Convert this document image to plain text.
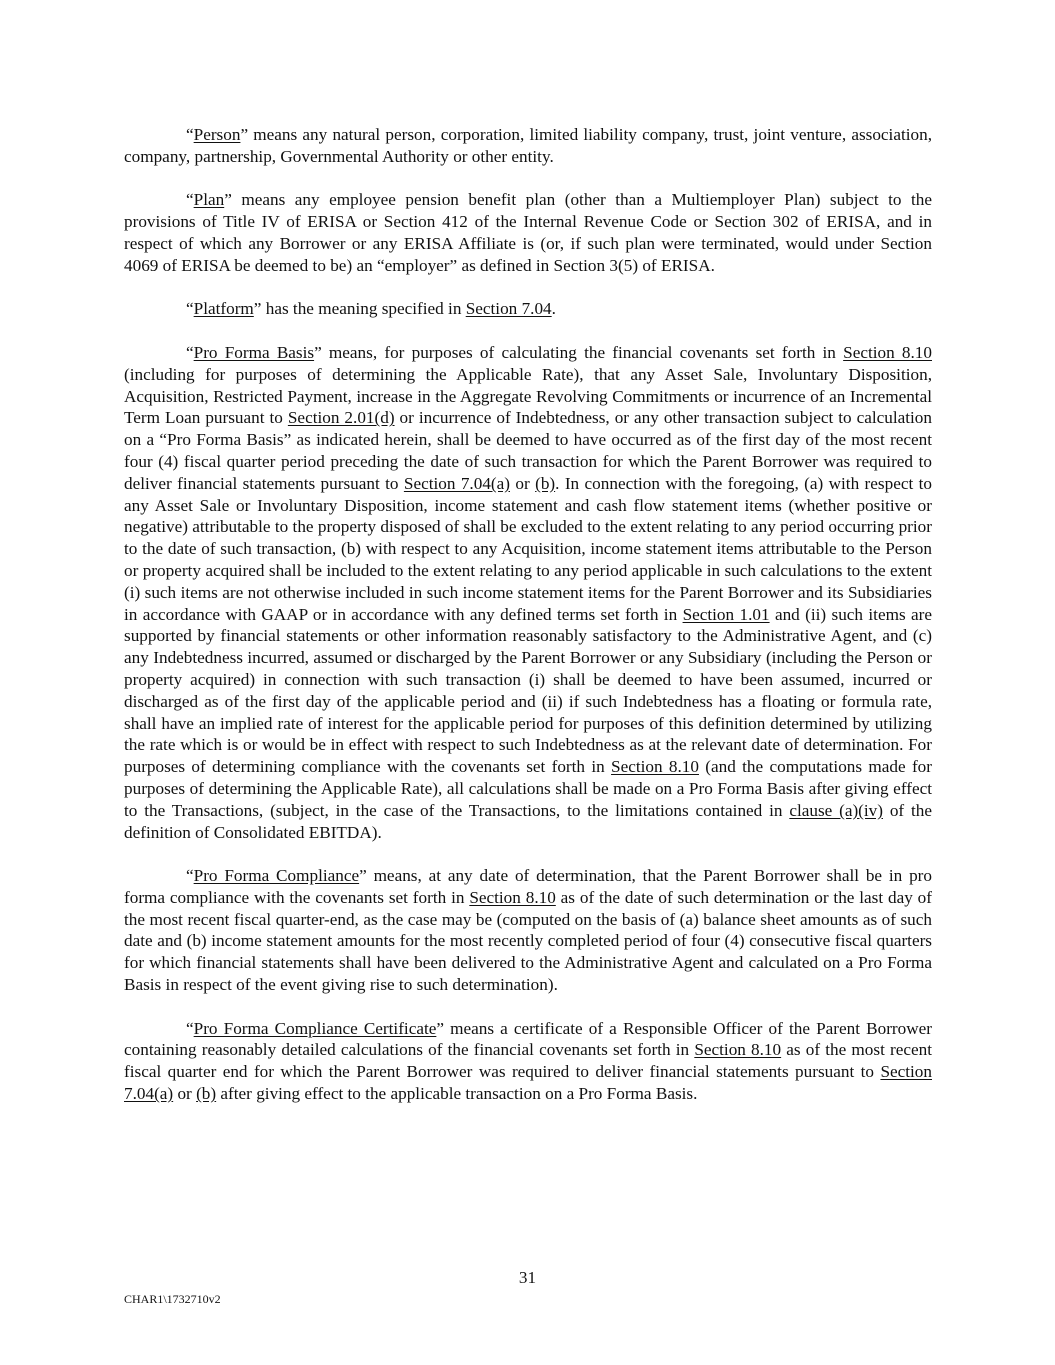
“Person” means any natural person, corporation, limited liability company, trust, joint venture, association, company, partnership, Governmental Authority or other entity.

“Plan” means any employee pension benefit plan (other than a Multiemployer Plan) subject to the provisions of Title IV of ERISA or Section 412 of the Internal Revenue Code or Section 302 of ERISA, and in respect of which any Borrower or any ERISA Affiliate is (or, if such plan were terminated, would under Section 4069 of ERISA be deemed to be) an “employer” as defined in Section 3(5) of ERISA.

“Platform” has the meaning specified in Section 7.04.

“Pro Forma Basis” means, for purposes of calculating the financial covenants set forth in Section 8.10 (including for purposes of determining the Applicable Rate), that any Asset Sale, Involuntary Disposition, Acquisition, Restricted Payment, increase in the Aggregate Revolving Commitments or incurrence of an Incremental Term Loan pursuant to Section 2.01(d) or incurrence of Indebtedness, or any other transaction subject to calculation on a “Pro Forma Basis” as indicated herein, shall be deemed to have occurred as of the first day of the most recent four (4) fiscal quarter period preceding the date of such transaction for which the Parent Borrower was required to deliver financial statements pursuant to Section 7.04(a) or (b). In connection with the foregoing, (a) with respect to any Asset Sale or Involuntary Disposition, income statement and cash flow statement items (whether positive or negative) attributable to the property disposed of shall be excluded to the extent relating to any period occurring prior to the date of such transaction, (b) with respect to any Acquisition, income statement items attributable to the Person or property acquired shall be included to the extent relating to any period applicable in such calculations to the extent (i) such items are not otherwise included in such income statement items for the Parent Borrower and its Subsidiaries in accordance with GAAP or in accordance with any defined terms set forth in Section 1.01 and (ii) such items are supported by financial statements or other information reasonably satisfactory to the Administrative Agent, and (c) any Indebtedness incurred, assumed or discharged by the Parent Borrower or any Subsidiary (including the Person or property acquired) in connection with such transaction (i) shall be deemed to have been assumed, incurred or discharged as of the first day of the applicable period and (ii) if such Indebtedness has a floating or formula rate, shall have an implied rate of interest for the applicable period for purposes of this definition determined by utilizing the rate which is or would be in effect with respect to such Indebtedness as at the relevant date of determination. For purposes of determining compliance with the covenants set forth in Section 8.10 (and the computations made for purposes of determining the Applicable Rate), all calculations shall be made on a Pro Forma Basis after giving effect to the Transactions, (subject, in the case of the Transactions, to the limitations contained in clause (a)(iv) of the definition of Consolidated EBITDA).

“Pro Forma Compliance” means, at any date of determination, that the Parent Borrower shall be in pro forma compliance with the covenants set forth in Section 8.10 as of the date of such determination or the last day of the most recent fiscal quarter-end, as the case may be (computed on the basis of (a) balance sheet amounts as of such date and (b) income statement amounts for the most recently completed period of four (4) consecutive fiscal quarters for which financial statements shall have been delivered to the Administrative Agent and calculated on a Pro Forma Basis in respect of the event giving rise to such determination).

“Pro Forma Compliance Certificate” means a certificate of a Responsible Officer of the Parent Borrower containing reasonably detailed calculations of the financial covenants set forth in Section 8.10 as of the most recent fiscal quarter end for which the Parent Borrower was required to deliver financial statements pursuant to Section 7.04(a) or (b) after giving effect to the applicable transaction on a Pro Forma Basis.

31
CHAR1\1732710v2
